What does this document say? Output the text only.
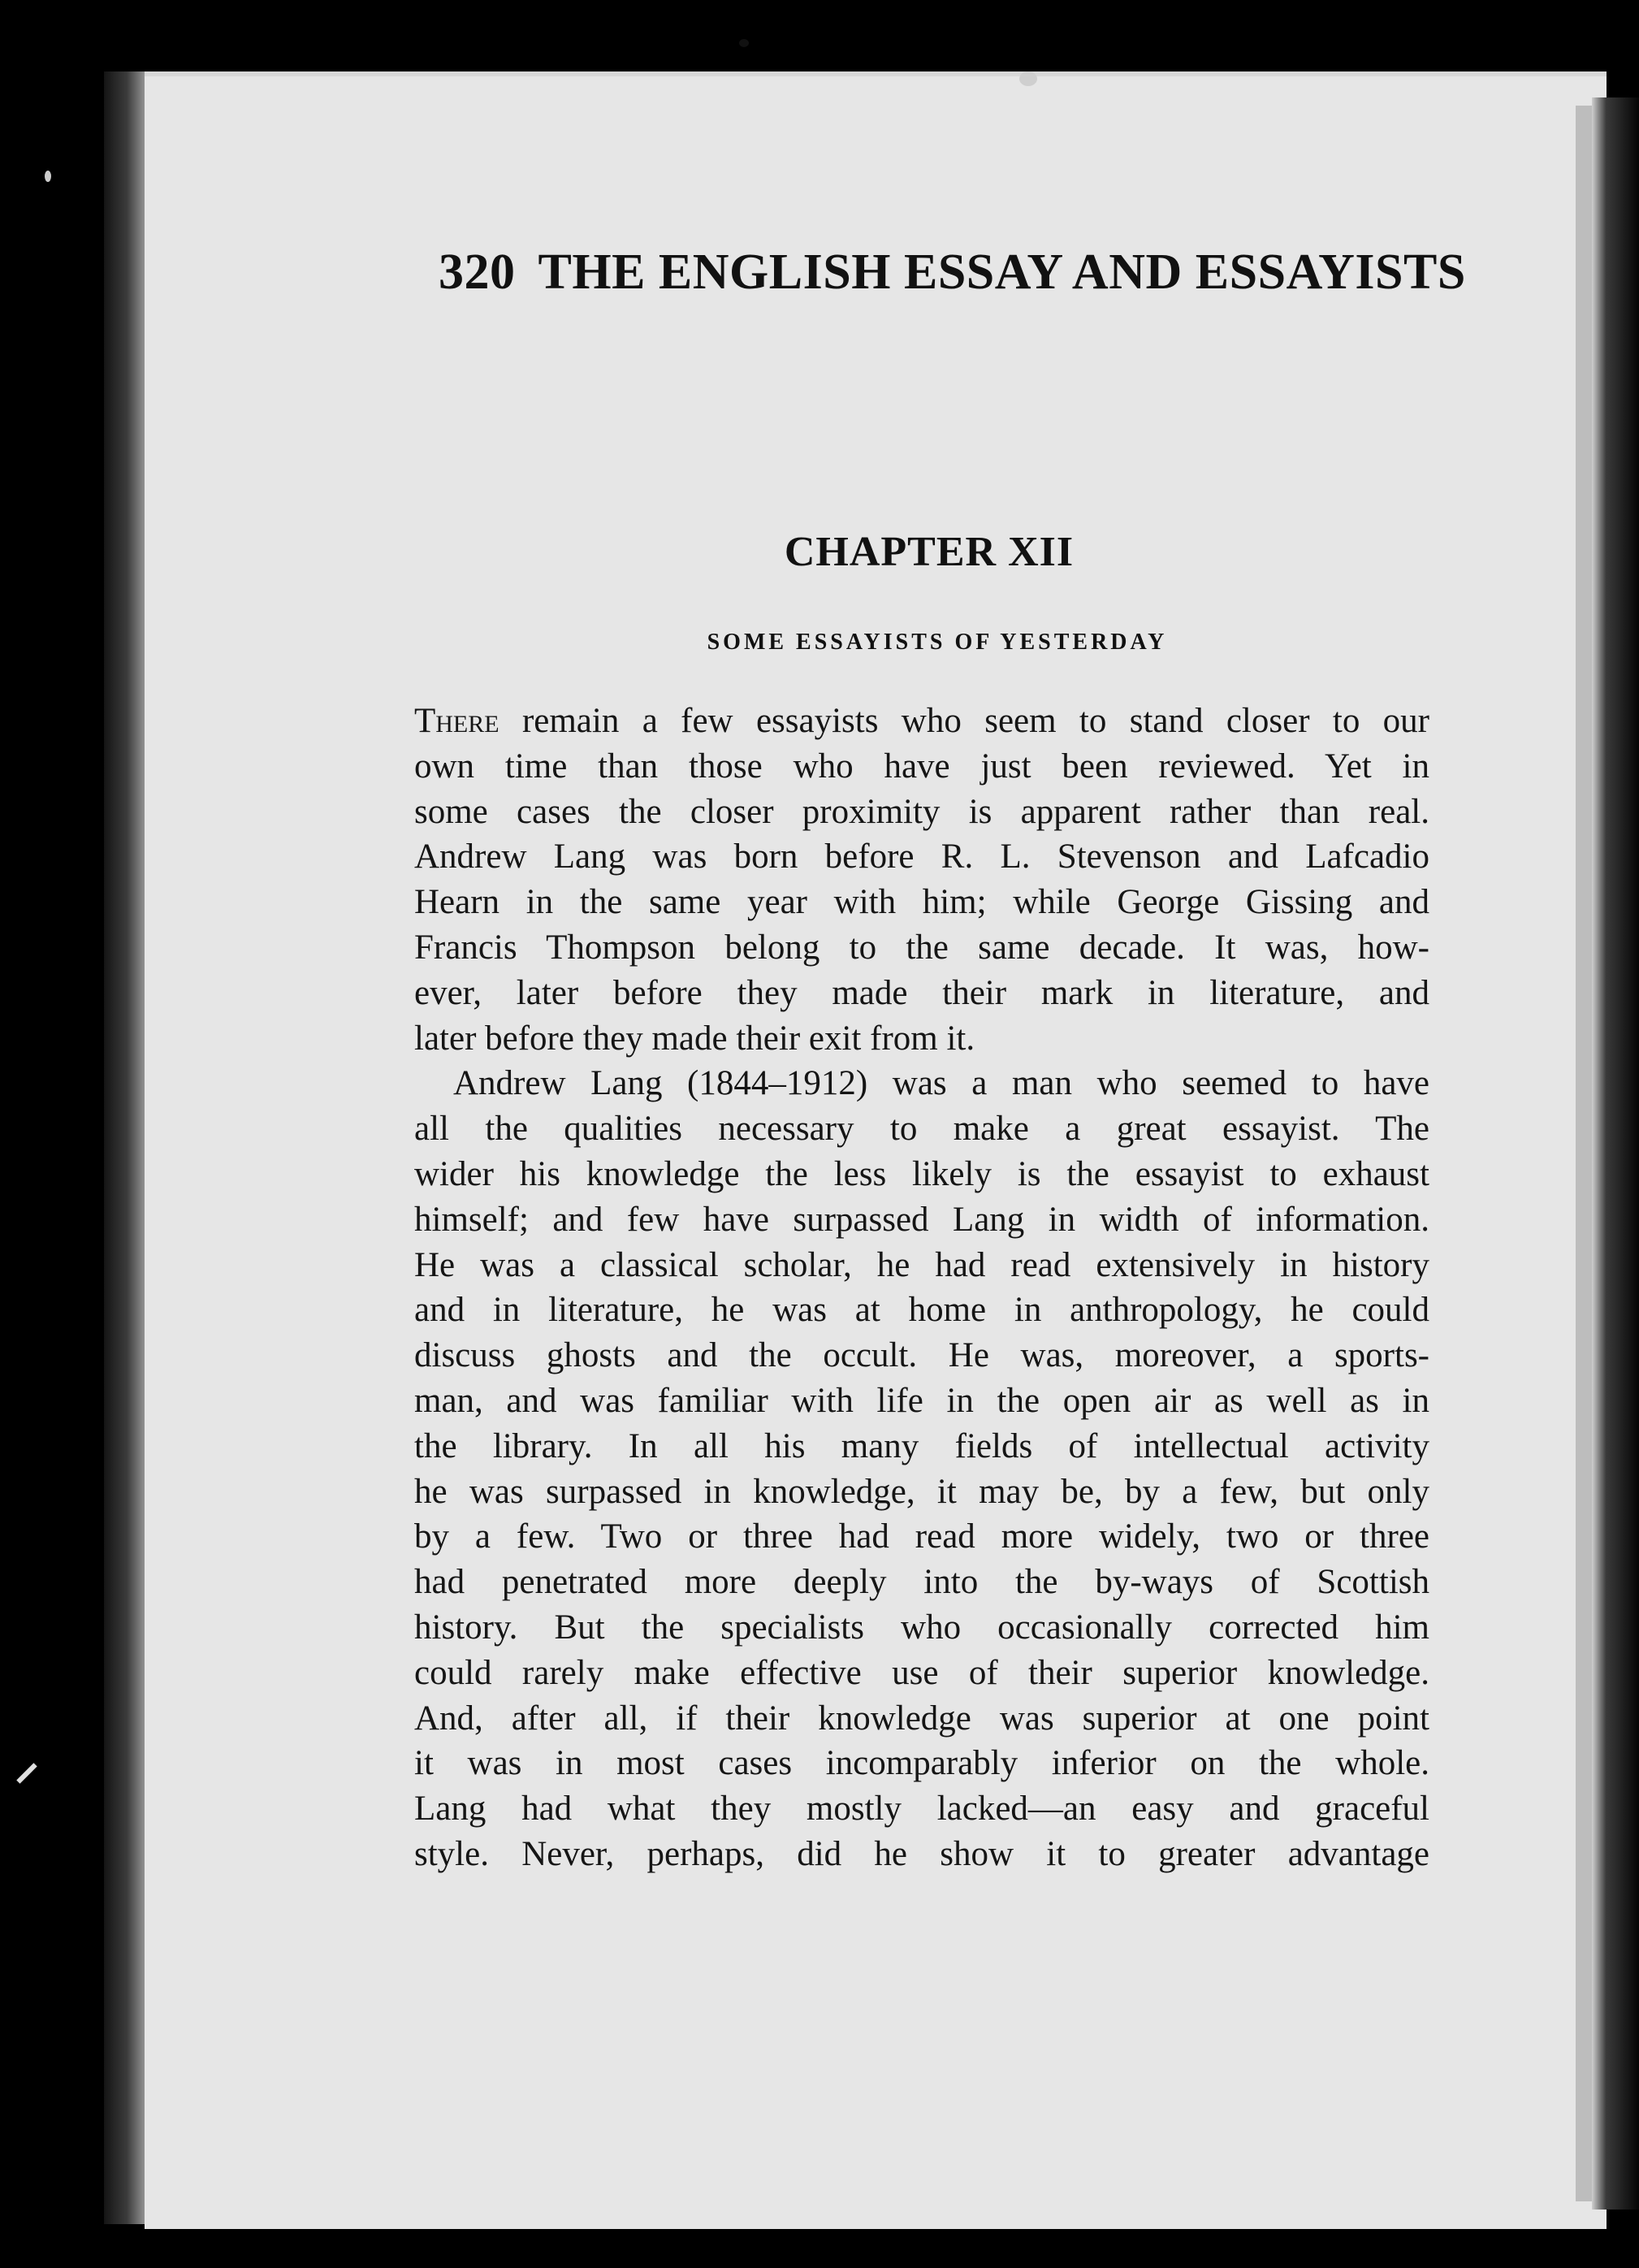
320 THE ENGLISH ESSAY AND ESSAYISTS
CHAPTER XII
SOME ESSAYISTS OF YESTERDAY
There remain a few essayists who seem to stand closer to our
own time than those who have just been reviewed. Yet in
some cases the closer proximity is apparent rather than real.
Andrew Lang was born before R. L. Stevenson and Lafcadio
Hearn in the same year with him; while George Gissing and
Francis Thompson belong to the same decade. It was, how-
ever, later before they made their mark in literature, and
later before they made their exit from it.
Andrew Lang (1844–1912) was a man who seemed to have
all the qualities necessary to make a great essayist. The
wider his knowledge the less likely is the essayist to exhaust
himself; and few have surpassed Lang in width of information.
He was a classical scholar, he had read extensively in history
and in literature, he was at home in anthropology, he could
discuss ghosts and the occult. He was, moreover, a sports-
man, and was familiar with life in the open air as well as in
the library. In all his many fields of intellectual activity
he was surpassed in knowledge, it may be, by a few, but only
by a few. Two or three had read more widely, two or three
had penetrated more deeply into the by-ways of Scottish
history. But the specialists who occasionally corrected him
could rarely make effective use of their superior knowledge.
And, after all, if their knowledge was superior at one point
it was in most cases incomparably inferior on the whole.
Lang had what they mostly lacked—an easy and graceful
style. Never, perhaps, did he show it to greater advantage
